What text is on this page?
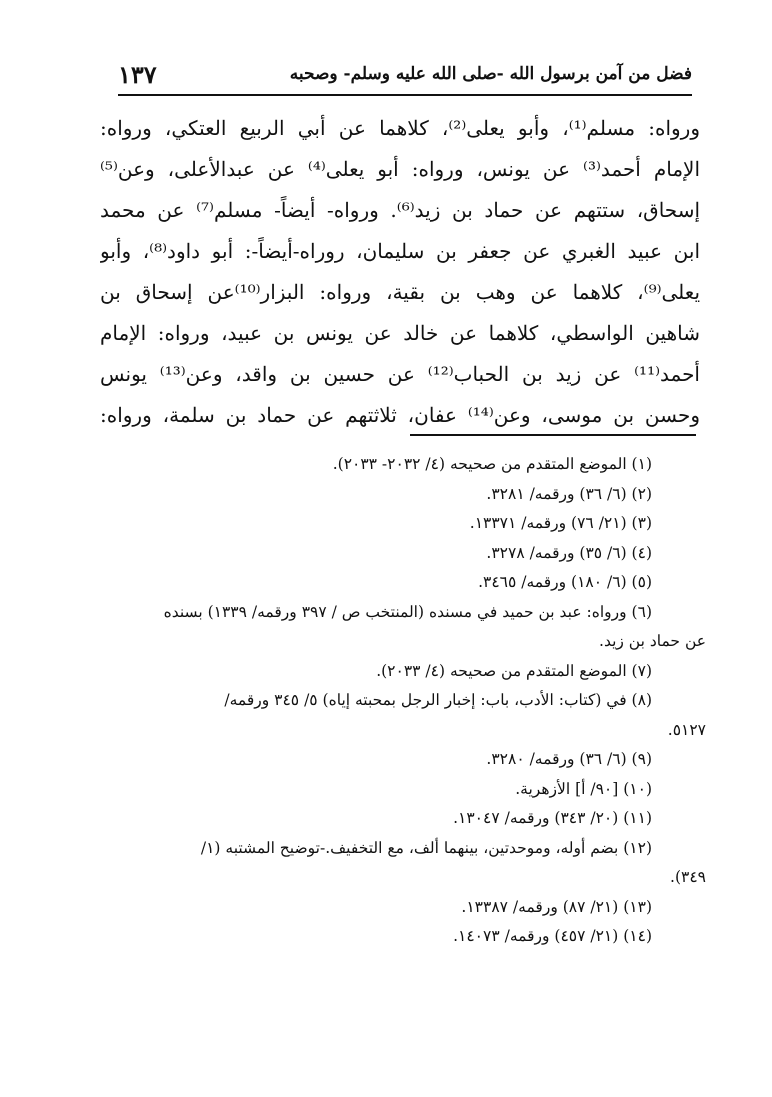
فضل من آمن برسول الله -صلى الله عليه وسلم- وصحبه
١٣٧
ورواه: مسلم⁽¹⁾، وأبو يعلى⁽²⁾، كلاهما عن أبي الربيع العتكي، ورواه:
الإمام أحمد⁽³⁾ عن يونس، ورواه: أبو يعلى⁽⁴⁾ عن عبدالأعلى، وعن⁽⁵⁾
إسحاق، ستتهم عن حماد بن زيد⁽⁶⁾. ورواه- أيضاً- مسلم⁽⁷⁾ عن محمد
ابن عبيد الغبري عن جعفر بن سليمان، روراه-أيضاً-: أبو داود⁽⁸⁾، وأبو
يعلى⁽⁹⁾، كلاهما عن وهب بن بقية، ورواه: البزار⁽¹⁰⁾عن إسحاق بن
شاهين الواسطي، كلاهما عن خالد عن يونس بن عبيد، ورواه: الإمام
أحمد⁽¹¹⁾ عن زيد بن الحباب⁽¹²⁾ عن حسين بن واقد، وعن⁽¹³⁾ يونس
وحسن بن موسى، وعن⁽¹⁴⁾ عفان، ثلاثتهم عن حماد بن سلمة، ورواه:
(١) الموضع المتقدم من صحيحه (٤/ ٢٠٣٢- ٢٠٣٣).
(٢) (٦/ ٣٦) ورقمه/ ٣٢٨١.
(٣) (٢١/ ٧٦) ورقمه/ ١٣٣٧١.
(٤) (٦/ ٣٥) ورقمه/ ٣٢٧٨.
(٥) (٦/ ١٨٠) ورقمه/ ٣٤٦٥.
(٦) ورواه: عبد بن حميد في مسنده (المنتخب ص / ٣٩٧ ورقمه/ ١٣٣٩) بسنده
عن حماد بن زيد.
(٧) الموضع المتقدم من صحيحه (٤/ ٢٠٣٣).
(٨) في (كتاب: الأدب، باب: إخبار الرجل بمحبته إياه) ٥/ ٣٤٥ ورقمه/
٥١٢٧.
(٩) (٦/ ٣٦) ورقمه/ ٣٢٨٠.
(١٠) [٩٠/ أ] الأزهرية.
(١١) (٢٠/ ٣٤٣) ورقمه/ ١٣٠٤٧.
(١٢) بضم أوله، وموحدتين، بينهما ألف، مع التخفيف.-توضيح المشتبه (١/
٣٤٩).
(١٣) (٢١/ ٨٧) ورقمه/ ١٣٣٨٧.
(١٤) (٢١/ ٤٥٧) ورقمه/ ١٤٠٧٣.
